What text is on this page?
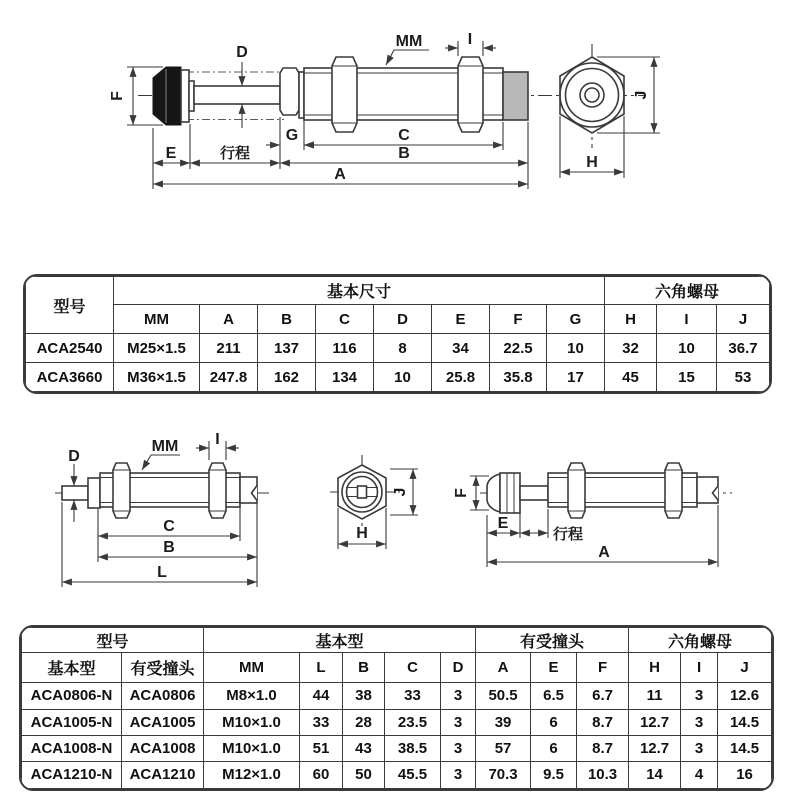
MM	I
D
F
G	C
E	行程	B
A
J
H
型号	基本尺寸								六角螺母		
	MM	A	B	C	D	E	F	G	H	I	J
ACA2540	M25×1.5	211	137	116	8	34	22.5	10	32	10	36.7
ACA3660	M36×1.5	247.8	162	134	10	25.8	35.8	17	45	15	53
D
MM I
C
B
L
J
H
F
E
行程
A
型号		基本型					有受撞头			六角螺母		
基本型	有受撞头	MM	L	B	C	D	A	E	F	H	I	J
ACA0806-N	ACA0806	M8×1.0	44	38	33	3	50.5	6.5	6.7	11	3	12.6
ACA1005-N	ACA1005	M10×1.0	33	28	23.5	3	39	6	8.7	12.7	3	14.5
ACA1008-N	ACA1008	M10×1.0	51	43	38.5	3	57	6	8.7	12.7	3	14.5
ACA1210-N	ACA1210	M12×1.0	60	50	45.5	3	70.3	9.5	10.3	14	4	16
